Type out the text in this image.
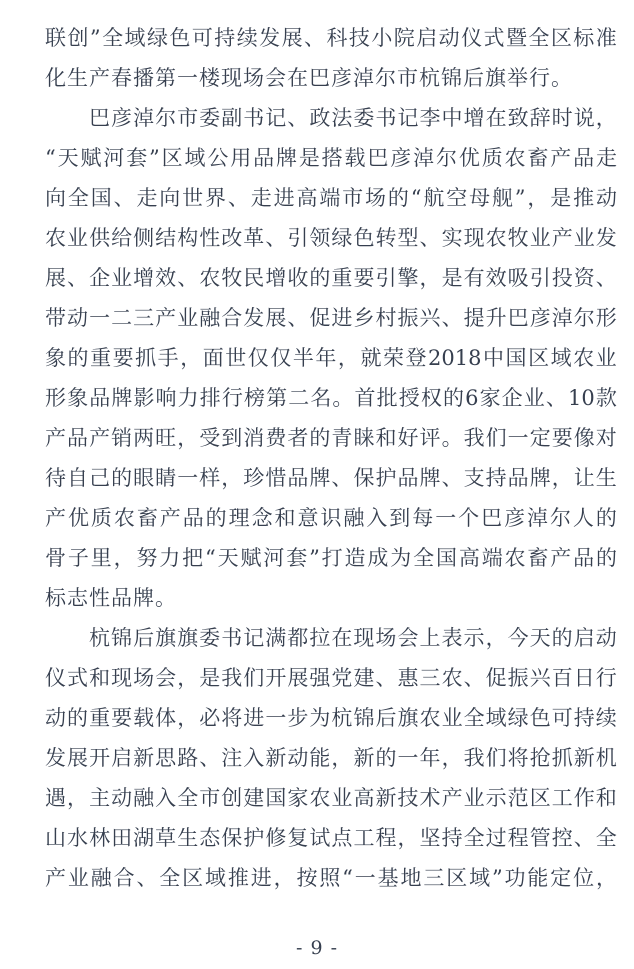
联 创 ” 全 域 绿 色 可 持 续 发 展 、 科 技 小 院 启 动 仪 式 暨 全 区 标 准
化生产春播第一楼现场会在巴彦淖尔市杭锦后旗举行。
巴 彦 淖 尔 市 委 副 书 记 、 政 法 委 书 记 李 中 增 在 致 辞 时 说 ，
“ 天 赋 河 套 ” 区 域 公 用 品 牌 是 搭 载 巴 彦 淖 尔 优 质 农 畜 产 品 走
向 全 国 、 走 向 世 界 、 走 进 高 端 市 场 的 “ 航 空 母 舰 ” ， 是 推 动
农 业 供 给 侧 结 构 性 改 革 、 引 领 绿 色 转 型 、 实 现 农 牧 业 产 业 发
展 、 企 业 增 效 、 农 牧 民 增 收 的 重 要 引 擎 ， 是 有 效 吸 引 投 资 、
带 动 一 二 三 产 业 融 合 发 展 、 促 进 乡 村 振 兴 、 提 升 巴 彦 淖 尔 形
象 的 重 要 抓 手 ， 面 世 仅 仅 半 年 ， 就 荣 登 2018 中 国 区 域 农 业
形 象 品 牌 影 响 力 排 行 榜 第 二 名 。 首 批 授 权 的 6 家 企 业 、 10 款
产 品 产 销 两 旺 ， 受 到 消 费 者 的 青 睐 和 好 评 。 我 们 一 定 要 像 对
待 自 己 的 眼 睛 一 样 ， 珍 惜 品 牌 、 保 护 品 牌 、 支 持 品 牌 ， 让 生
产 优 质 农 畜 产 品 的 理 念 和 意 识 融 入 到 每 一 个 巴 彦 淖 尔 人 的
骨 子 里 ， 努 力 把 “ 天 赋 河 套 ” 打 造 成 为 全 国 高 端 农 畜 产 品 的
标志性品牌。
杭 锦 后 旗 旗 委 书 记 满 都 拉 在 现 场 会 上 表 示 ， 今 天 的 启 动
仪 式 和 现 场 会 ， 是 我 们 开 展 强 党 建 、 惠 三 农 、 促 振 兴 百 日 行
动 的 重 要 载 体 ， 必 将 进 一 步 为 杭 锦 后 旗 农 业 全 域 绿 色 可 持 续
发 展 开 启 新 思 路 、 注 入 新 动 能 ， 新 的 一 年 ， 我 们 将 抢 抓 新 机
遇 ， 主 动 融 入 全 市 创 建 国 家 农 业 高 新 技 术 产 业 示 范 区 工 作 和
山 水 林 田 湖 草 生 态 保 护 修 复 试 点 工 程 ， 坚 持 全 过 程 管 控 、 全
产 业 融 合 、 全 区 域 推 进 ， 按 照 “ 一 基 地 三 区 域 ” 功 能 定 位 ，
- 9 -
